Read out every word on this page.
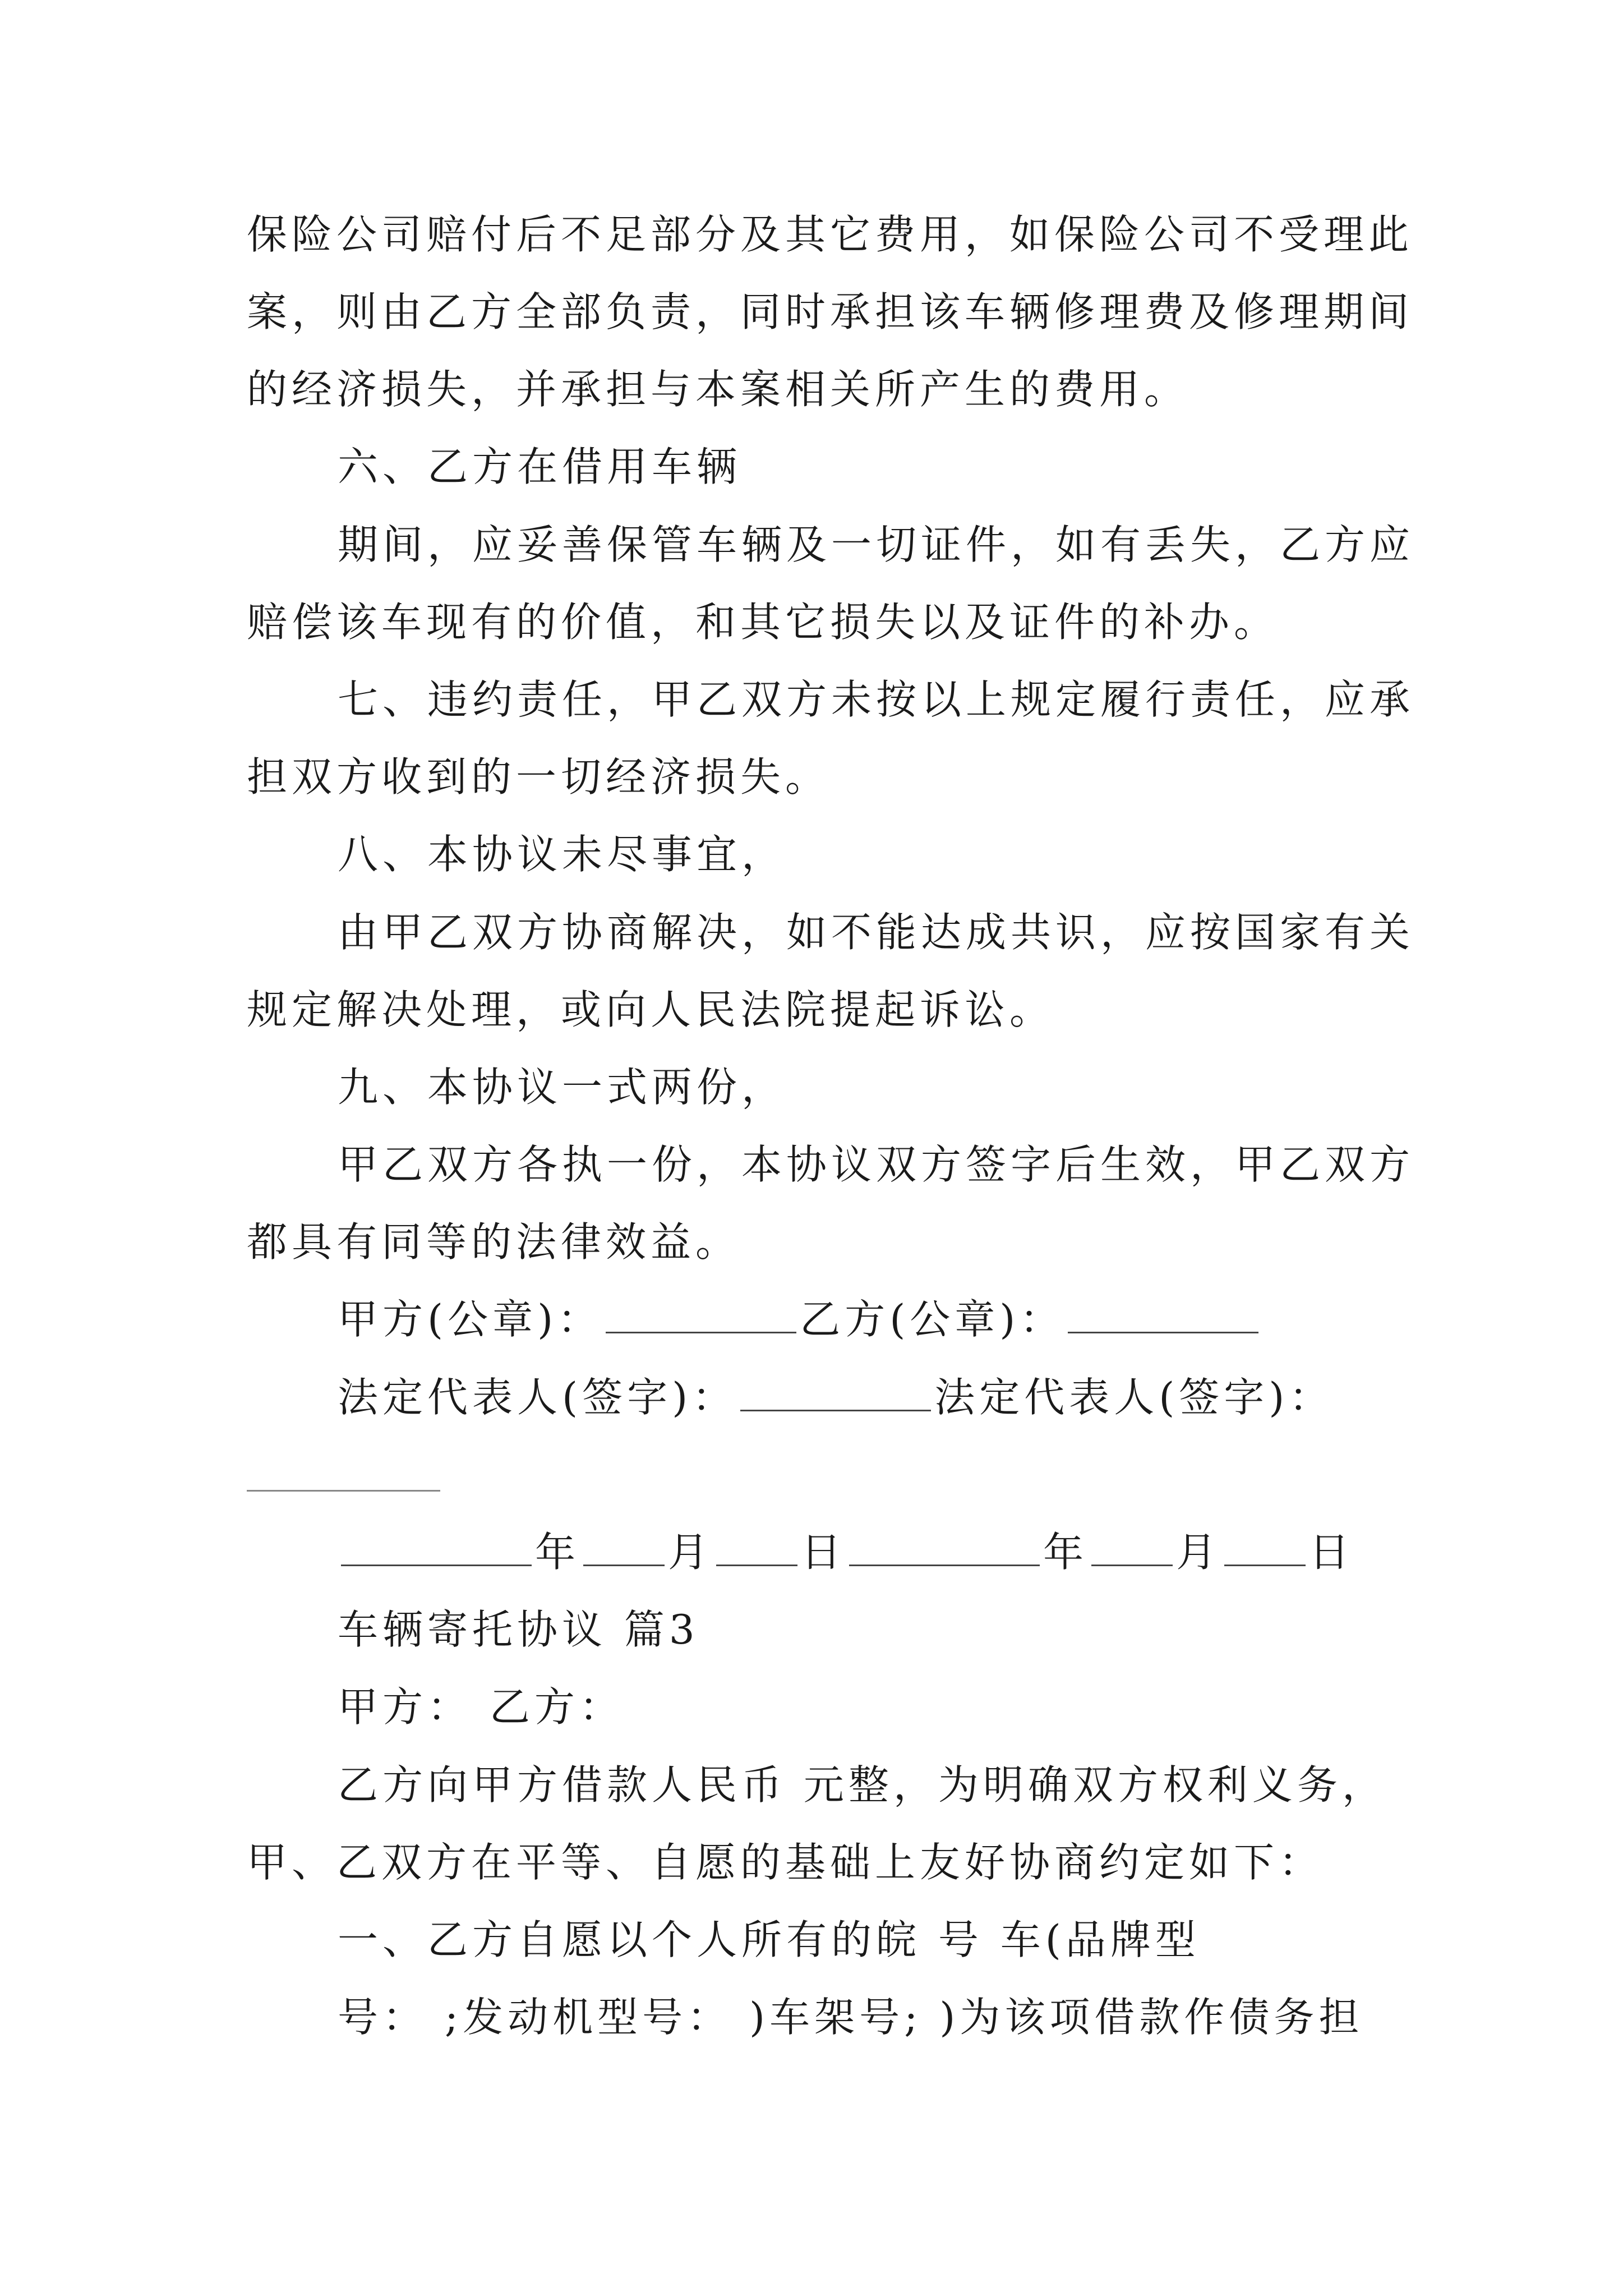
保险公司赔付后不足部分及其它费用，如保险公司不受理此
案，则由乙方全部负责，同时承担该车辆修理费及修理期间
的经济损失，并承担与本案相关所产生的费用。
六、乙方在借用车辆
期间，应妥善保管车辆及一切证件，如有丢失，乙方应
赔偿该车现有的价值，和其它损失以及证件的补办。
七、违约责任，甲乙双方未按以上规定履行责任，应承
担双方收到的一切经济损失。
八、本协议未尽事宜，
由甲乙双方协商解决，如不能达成共识，应按国家有关
规定解决处理，或向人民法院提起诉讼。
九、本协议一式两份，
甲乙双方各执一份，本协议双方签字后生效，甲乙双方
都具有同等的法律效益。
甲方(公章)：	乙方(公章)：
法定代表人(签字)：	法定代表人(签字)：
年 月 日	年 月 日
车辆寄托协议 篇3
甲方： 乙方：
乙方向甲方借款人民币 元整，为明确双方权利义务，
甲、乙双方在平等、自愿的基础上友好协商约定如下：
一、乙方自愿以个人所有的皖 号 车(品牌型
号： ;发动机型号： )车架号; )为该项借款作债务担
